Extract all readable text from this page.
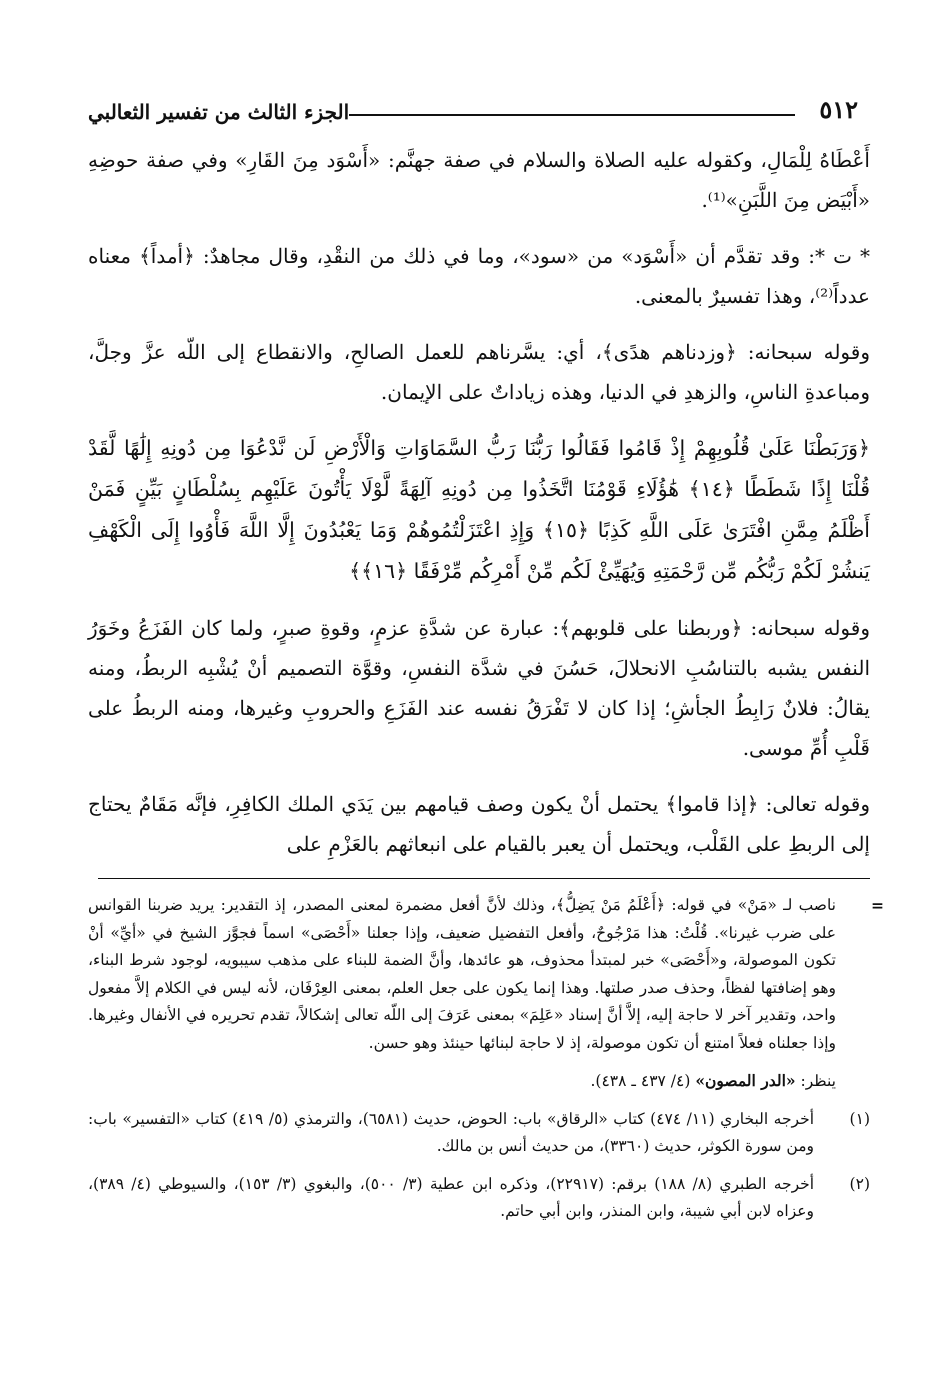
٥١٢
الجزء الثالث من تفسير الثعالبي

أَعْطَاهُ لِلْمَالِ، وكقوله عليه الصلاة والسلام في صفة جهنَّم: «أَسْوَد مِنَ القَارِ» وفي صفة حوضِهِ «أَبْيَض مِنَ اللَّبَنِ»⁽¹⁾.

* ت *: وقد تقدَّم أن «أَسْوَد» من «سود»، وما في ذلك من النقْدِ، وقال مجاهدٌ: ﴿أمداً﴾ معناه عدداً⁽²⁾، وهذا تفسيرٌ بالمعنى.

وقوله سبحانه: ﴿وزدناهم هدًى﴾، أي: يسَّرناهم للعمل الصالحِ، والانقطاع إلى اللّه عزَّ وجلَّ، ومباعدةِ الناسِ، والزهدِ في الدنيا، وهذه زياداتٌ على الإيمان.

﴿وَرَبَطْنَا عَلَىٰ قُلُوبِهِمْ إِذْ قَامُوا فَقَالُوا رَبُّنَا رَبُّ السَّمَاوَاتِ وَالْأَرْضِ لَن نَّدْعُوَا مِن دُونِهِ إِلَٰهًا لَّقَدْ قُلْنَا إِذًا شَطَطًا ﴿١٤﴾ هَٰؤُلَاءِ قَوْمُنَا اتَّخَذُوا مِن دُونِهِ آلِهَةً لَّوْلَا يَأْتُونَ عَلَيْهِم بِسُلْطَانٍ بَيِّنٍ فَمَنْ أَظْلَمُ مِمَّنِ افْتَرَىٰ عَلَى اللَّهِ كَذِبًا ﴿١٥﴾ وَإِذِ اعْتَزَلْتُمُوهُمْ وَمَا يَعْبُدُونَ إِلَّا اللَّهَ فَأْوُوا إِلَى الْكَهْفِ يَنشُرْ لَكُمْ رَبُّكُم مِّن رَّحْمَتِهِ وَيُهَيِّئْ لَكُم مِّنْ أَمْرِكُم مِّرْفَقًا ﴿١٦﴾﴾

وقوله سبحانه: ﴿وربطنا على قلوبهم﴾: عبارة عن شدَّةِ عزمٍ، وقوةِ صبرٍ، ولما كان الفَزَعُ وخَوَرُ النفس يشبه بالتناسُبِ الانحلالَ، حَسُنَ في شدَّة النفسِ، وقوَّة التصميم أنْ يُشْبِه الربطُ، ومنه يقالُ: فلانٌ رَابِطُ الجأشِ؛ إذا كان لا تَفْرَقُ نفسه عند الفَزَعِ والحروبِ وغيرها، ومنه الربطُ على قَلْبِ أُمِّ موسى.

وقوله تعالى: ﴿إذا قاموا﴾ يحتمل أنْ يكون وصف قيامهم بين يَدَي الملك الكافِرِ، فإنَّه مَقَامٌ يحتاج إلى الربطِ على القَلْب، ويحتمل أن يعبر بالقيام على انبعاثهم بالعَزْمِ على

=
ناصب لـ «مَنْ» في قوله: ﴿أَعْلَمُ مَنْ يَضِلُّ﴾، وذلك لأنَّ أفعل مضمرة لمعنى المصدر، إذ التقدير: يريد ضربنا القوانس على ضرب غيرنا». قُلْتُ: هذا مَرْجُوحٌ، وأفعل التفضيل ضعيف، وإذا جعلنا «أَحْصَى» اسماً فجوَّز الشيخ في «أيِّ» أنْ تكون الموصولة، و«أَحْصَى» خبر لمبتدأ محذوف، هو عائدها، وأنَّ الضمة للبناء على مذهب سيبويه، لوجود شرط البناء، وهو إضافتها لفظاً، وحذف صدر صلتها. وهذا إنما يكون على جعل العلم، بمعنى العِرْفَان، لأنه ليس في الكلام إلاَّ مفعول واحد، وتقدير آخر لا حاجة إليه، إلاَّ أنَّ إسناد «عَلِمَ» بمعنى عَرَفَ إلى اللّه تعالى إشكالاً، تقدم تحريره في الأنفال وغيرها. وإذا جعلناه فعلاً امتنع أن تكون موصولة، إذ لا حاجة لبنائها حينئذ وهو حسن.
ينظر: «الدر المصون» (٤/ ٤٣٧ ـ ٤٣٨).
(١)
أخرجه البخاري (١١/ ٤٧٤) كتاب «الرقاق» باب: الحوض، حديث (٦٥٨١)، والترمذي (٥/ ٤١٩) كتاب «التفسير» باب: ومن سورة الكوثر، حديث (٣٣٦٠)، من حديث أنس بن مالك.
(٢)
أخرجه الطبري (٨/ ١٨٨) برقم: (٢٢٩١٧)، وذكره ابن عطية (٣/ ٥٠٠)، والبغوي (٣/ ١٥٣)، والسيوطي (٤/ ٣٨٩)، وعزاه لابن أبي شيبة، وابن المنذر، وابن أبي حاتم.
